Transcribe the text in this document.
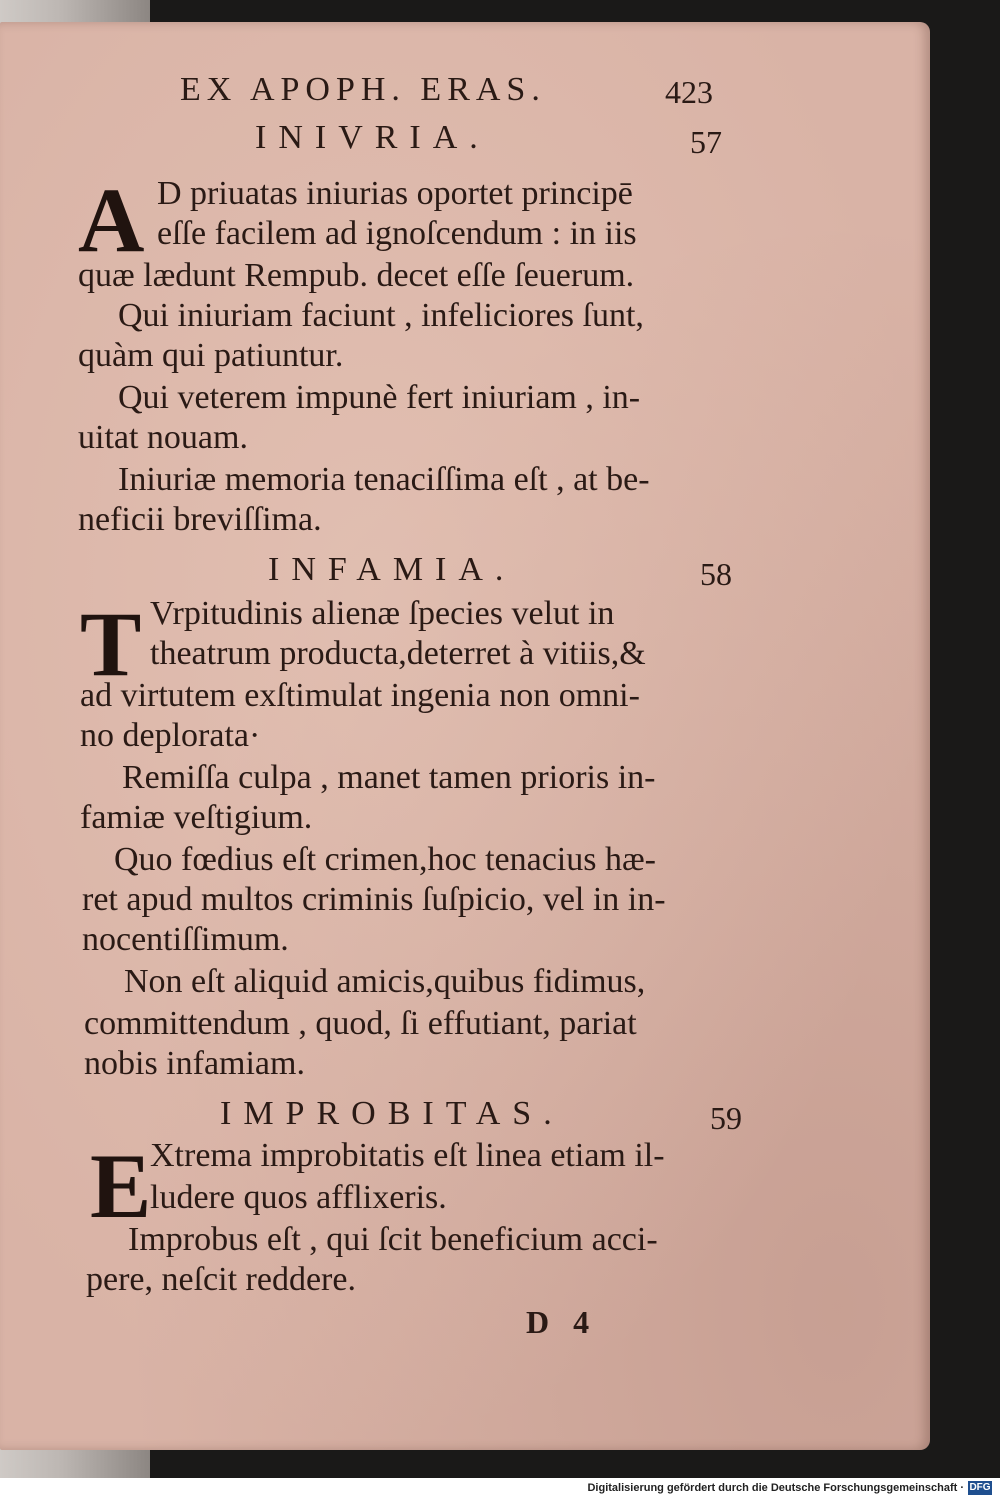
EX APOPH. ERAS.	423
INIVRIA.	57
A D priuatas iniurias oportet principē
eſſe facilem ad ignoſcendum : in iis
quæ lædunt Rempub. decet eſſe ſeuerum.
Qui iniuriam faciunt , infeliciores ſunt,
quàm qui patiuntur.
Qui veterem impunè fert iniuriam , in-
uitat nouam.
Iniuriæ memoria tenaciſſima eſt , at be-
neficii breviſſima.
INFAMIA.	58
T Vrpitudinis alienæ ſpecies velut in
theatrum producta,deterret à vitiis,&
ad virtutem exſtimulat ingenia non omni-
no deplorata·
Remiſſa culpa , manet tamen prioris in-
famiæ veſtigium.
Quo fœdius eſt crimen,hoc tenacius hæ-
ret apud multos criminis ſuſpicio, vel in in-
nocentiſſimum.
Non eſt aliquid amicis,quibus fidimus,
committendum , quod, ſi effutiant, pariat
nobis infamiam.
IMPROBITAS.	59
E
Xtrema improbitatis eſt linea etiam il-
ludere quos afflixeris.
Improbus eſt , qui ſcit beneficium acci-
pere, neſcit reddere.
D 4
Digitalisierung gefördert durch die Deutsche Forschungsgemeinschaft · DFG
